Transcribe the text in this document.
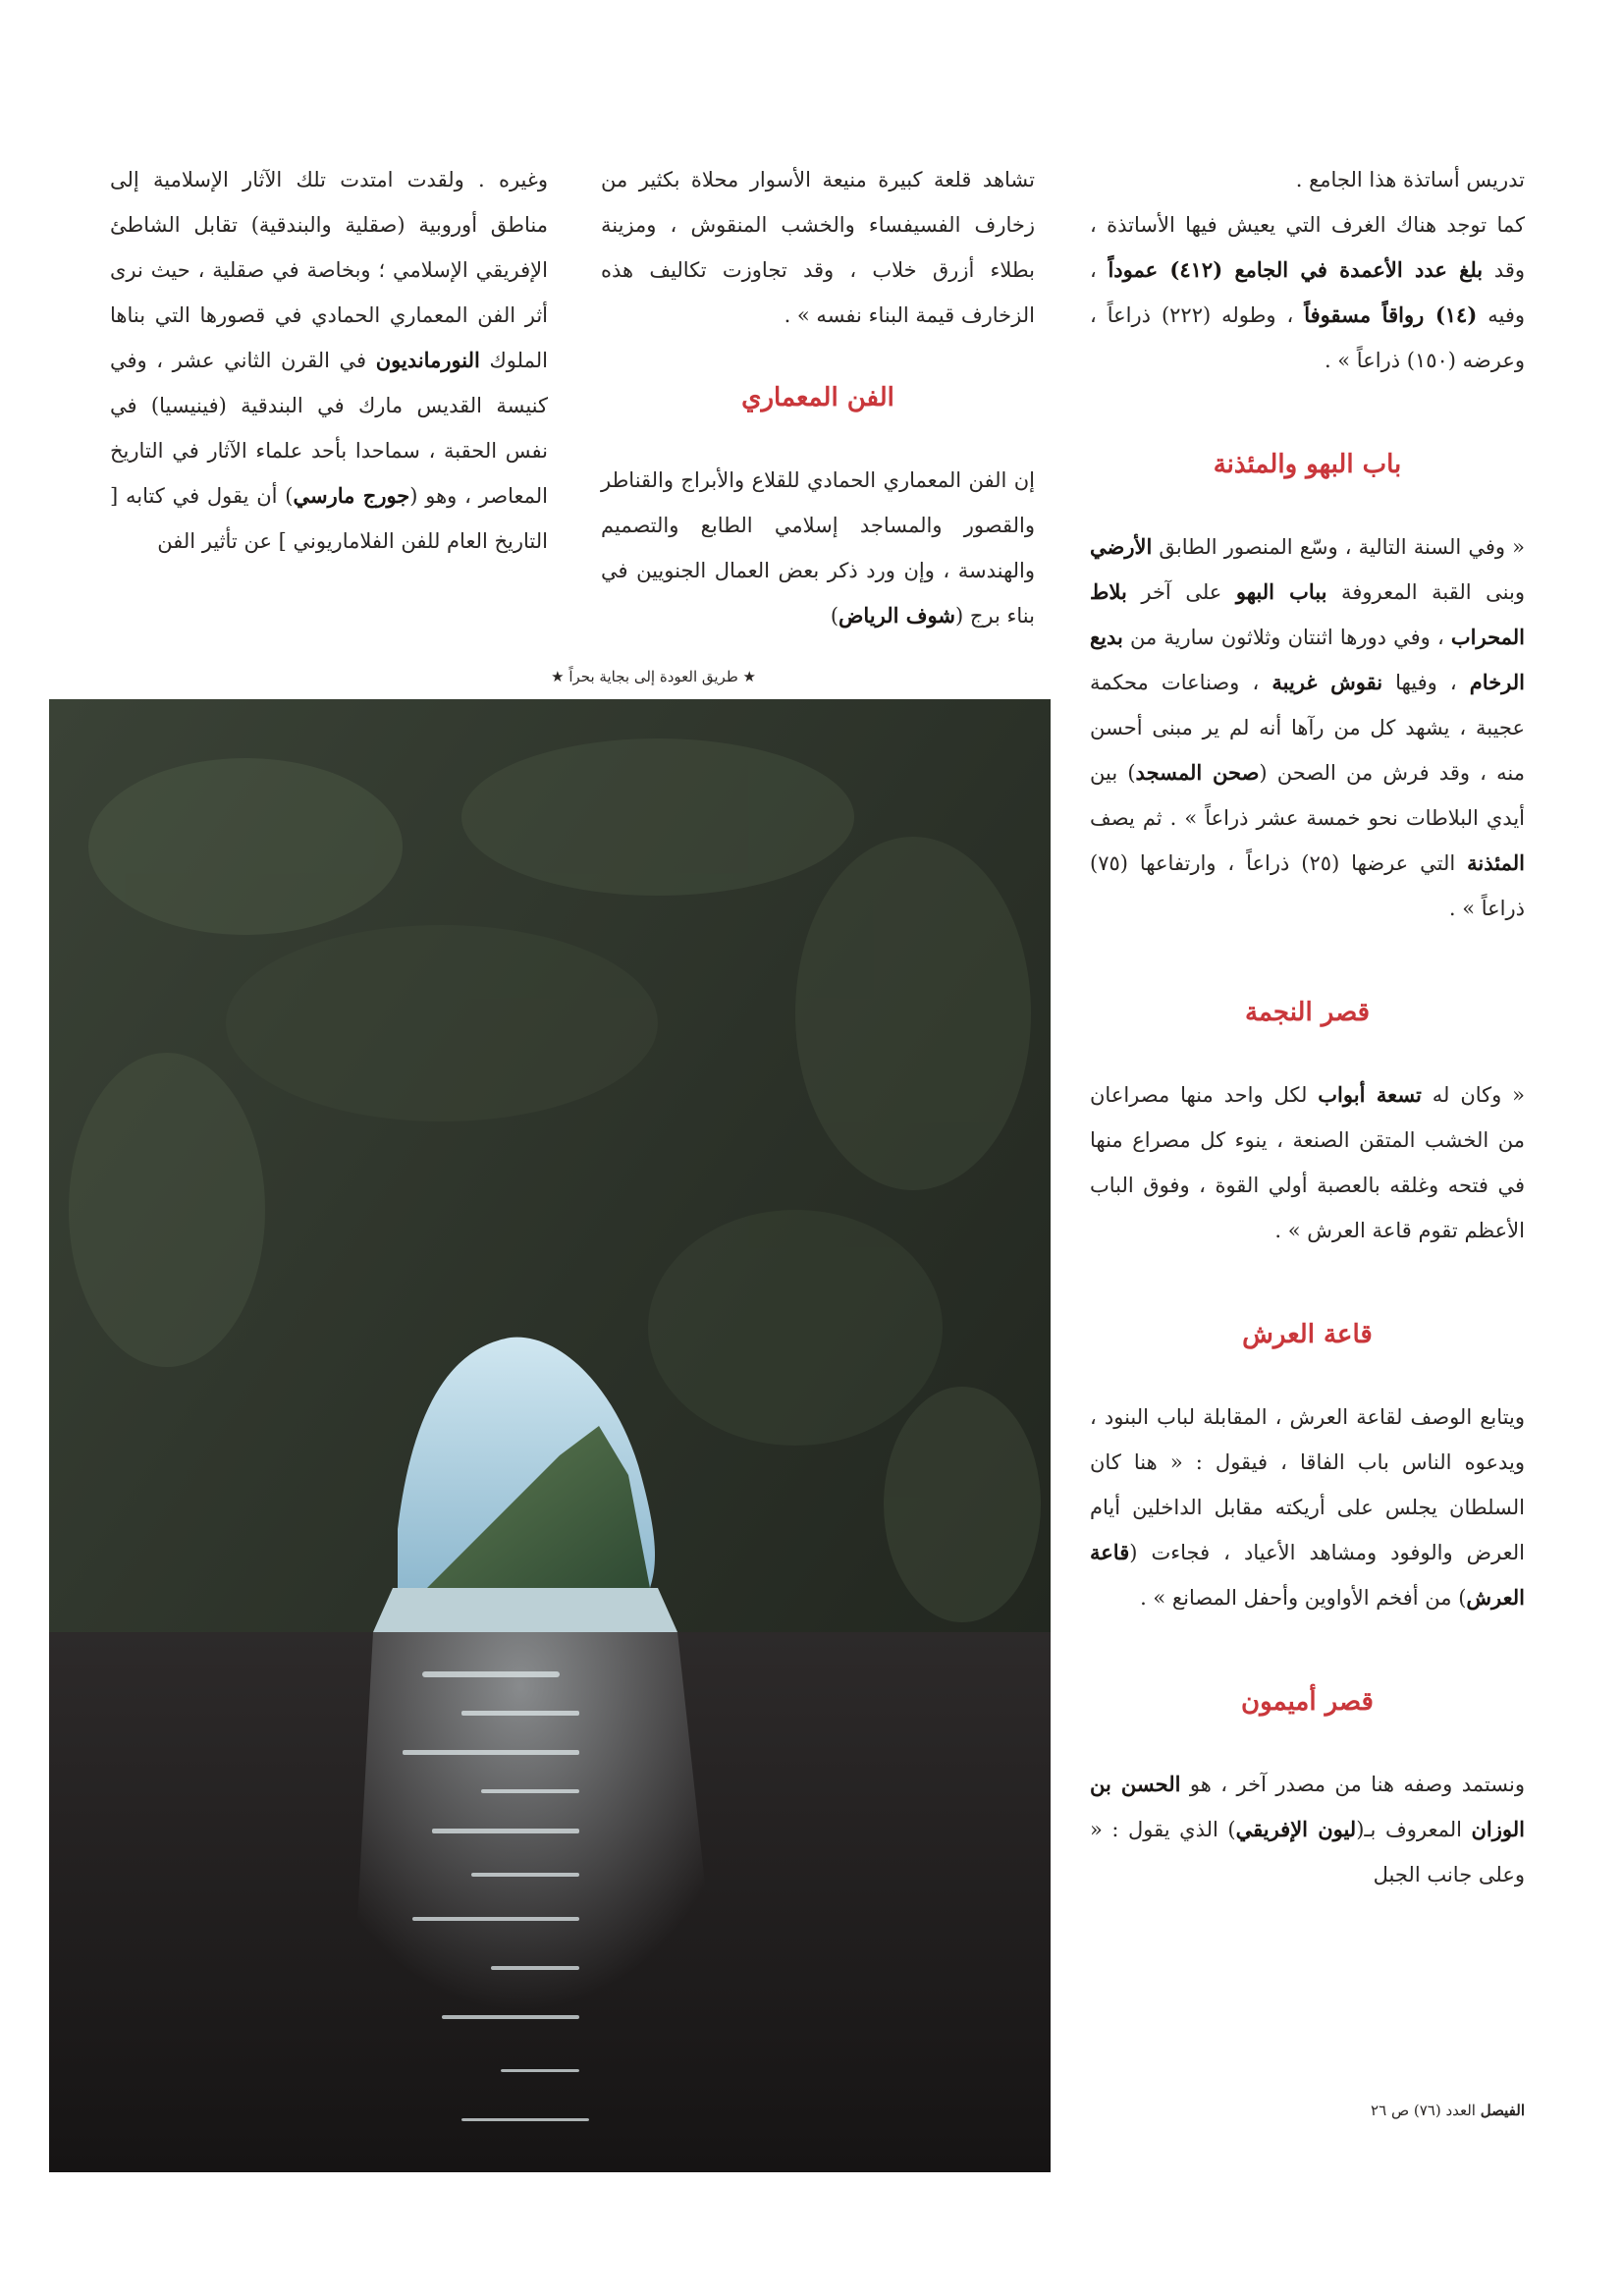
تدريس أساتذة هذا الجامع .

كما توجد هناك الغرف التي يعيش فيها الأساتذة ، وقد بلغ عدد الأعمدة في الجامع (٤١٢) عموداً ، وفيه (١٤) رواقاً مسقوفاً ، وطوله (٢٢٢) ذراعاً ، وعرضه (١٥٠) ذراعاً » .

باب البهو والمئذنة

« وفي السنة التالية ، وسّع المنصور الطابق الأرضي وبنى القبة المعروفة بباب البهو على آخر بلاط المحراب ، وفي دورها اثنتان وثلاثون سارية من بديع الرخام ، وفيها نقوش غريبة ، وصناعات محكمة عجيبة ، يشهد كل من رآها أنه لم ير مبنى أحسن منه ، وقد فرش من الصحن (صحن المسجد) بين أيدي البلاطات نحو خمسة عشر ذراعاً » . ثم يصف المئذنة التي عرضها (٢٥) ذراعاً ، وارتفاعها (٧٥) ذراعاً » .

قصر النجمة

« وكان له تسعة أبواب لكل واحد منها مصراعان من الخشب المتقن الصنعة ، ينوء كل مصراع منها في فتحه وغلقه بالعصبة أولي القوة ، وفوق الباب الأعظم تقوم قاعة العرش » .

قاعة العرش

ويتابع الوصف لقاعة العرش ، المقابلة لباب البنود ، ويدعوه الناس باب الفاقا ، فيقول : « هنا كان السلطان يجلس على أريكته مقابل الداخلين أيام العرض والوفود ومشاهد الأعياد ، فجاءت (قاعة العرش) من أفخم الأواوين وأحفل المصانع » .

قصر أميمون

ونستمد وصفه هنا من مصدر آخر ، هو الحسن بن الوزان المعروف بـ(ليون الإفريقي) الذي يقول : « وعلى جانب الجبل

تشاهد قلعة كبيرة منيعة الأسوار محلاة بكثير من زخارف الفسيفساء والخشب المنقوش ، ومزينة بطلاء أزرق خلاب ، وقد تجاوزت تكاليف هذه الزخارف قيمة البناء نفسه » .

الفن المعماري

إن الفن المعماري الحمادي للقلاع والأبراج والقناطر والقصور والمساجد إسلامي الطابع والتصميم والهندسة ، وإن ورد ذكر بعض العمال الجنويين في بناء برج (شوف الرياض)

وغيره . ولقدت امتدت تلك الآثار الإسلامية إلى مناطق أوروبية (صقلية والبندقية) تقابل الشاطئ الإفريقي الإسلامي ؛ وبخاصة في صقلية ، حيث نرى أثر الفن المعماري الحمادي في قصورها التي بناها الملوك النورمانديون في القرن الثاني عشر ، وفي كنيسة القديس مارك في البندقية (فينيسيا) في نفس الحقبة ، سماحدا بأحد علماء الآثار في التاريخ المعاصر ، وهو (جورج مارسي) أن يقول في كتابه [ التاريخ العام للفن الفلاماريوني ] عن تأثير الفن

★ طريق العودة إلى بجاية بحراً ★
الفيصل العدد (٧٦) ص ٢٦
